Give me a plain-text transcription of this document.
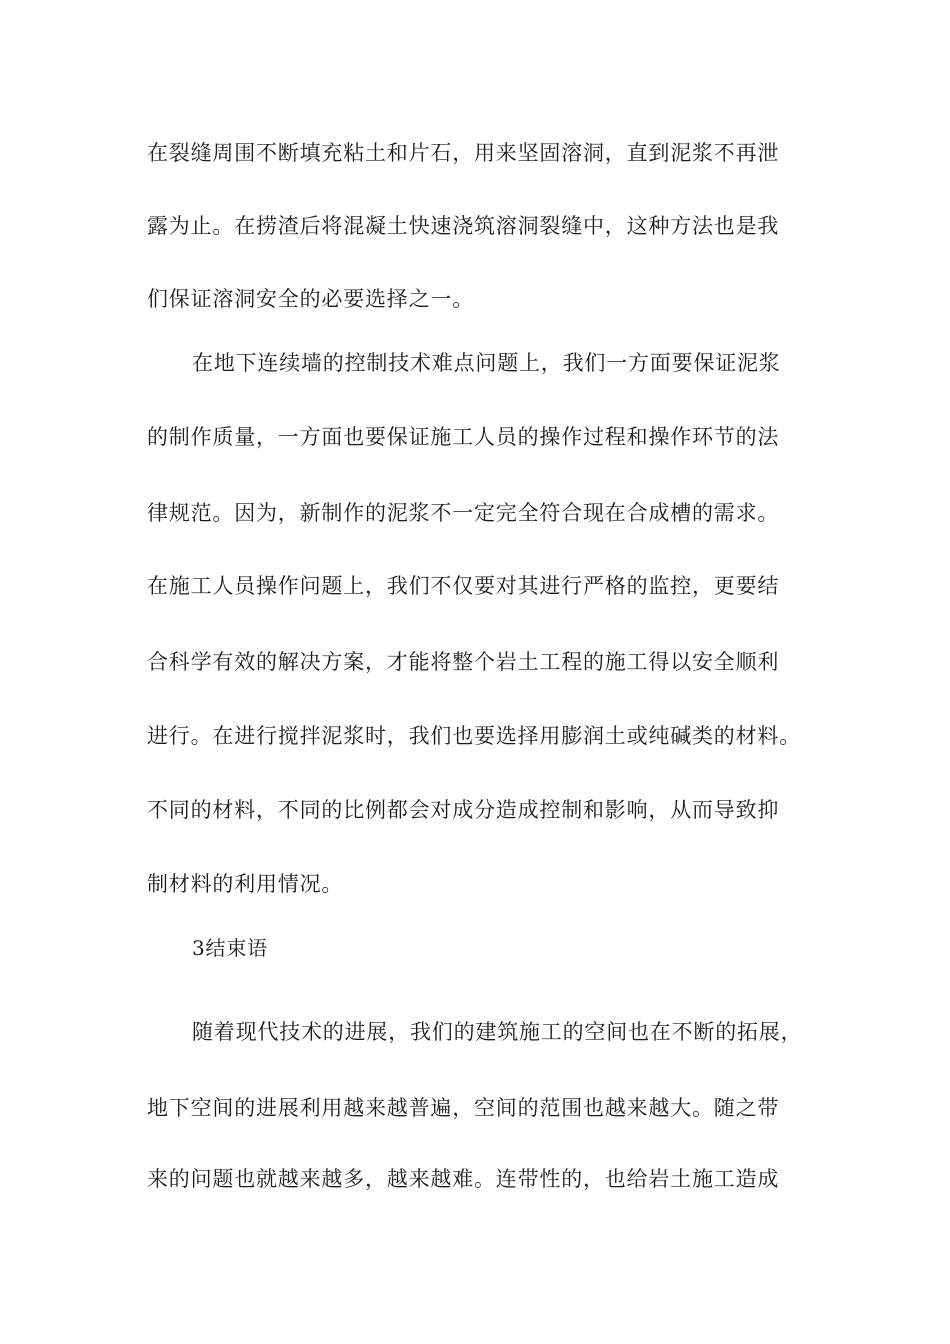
在裂缝周围不断填充粘土和片石，用来坚固溶洞，直到泥浆不再泄
露为止。在捞渣后将混凝土快速浇筑溶洞裂缝中，这种方法也是我
们保证溶洞安全的必要选择之一。
在地下连续墙的控制技术难点问题上，我们一方面要保证泥浆
的制作质量，一方面也要保证施工人员的操作过程和操作环节的法
律规范。因为，新制作的泥浆不一定完全符合现在合成槽的需求。
在施工人员操作问题上，我们不仅要对其进行严格的监控，更要结
合科学有效的解决方案，才能将整个岩土工程的施工得以安全顺利
进行。在进行搅拌泥浆时，我们也要选择用膨润土或纯碱类的材料。
不同的材料，不同的比例都会对成分造成控制和影响，从而导致抑
制材料的利用情况。
3结束语
随着现代技术的进展，我们的建筑施工的空间也在不断的拓展，
地下空间的进展利用越来越普遍，空间的范围也越来越大。随之带
来的问题也就越来越多，越来越难。连带性的，也给岩土施工造成
